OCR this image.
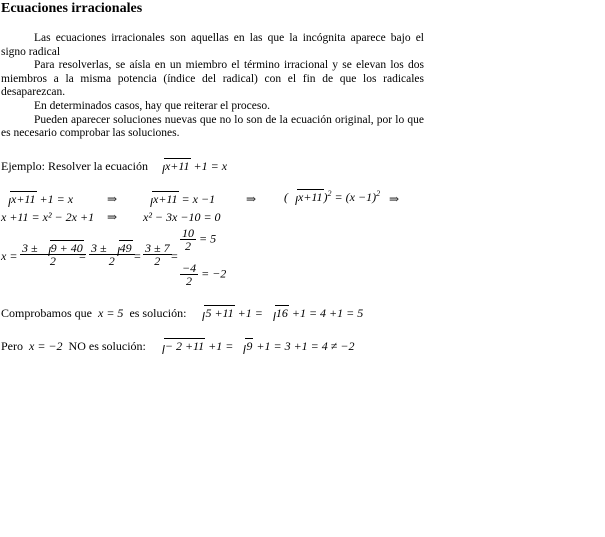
Ecuaciones irracionales

Las ecuaciones irracionales son aquellas en las que la incógnita aparece bajo el signo radical

Para resolverlas, se aísla en un miembro el término irracional y se elevan los dos miembros a la misma potencia (índice del radical) con el fin de que los radicales desaparezcan.

En determinados casos, hay que reiterar el proceso.

Pueden aparecer soluciones nuevas que no lo son de la ecuación original, por lo que es necesario comprobar las soluciones.

Ejemplo: Resolver la ecuación x+11 +1 = x
x+11 +1 = x	⇒	x+11 = x −1	⇒ ( $x+11)^2 = (x -1)^2$ ⇒
x +11 = x² − 2x +1 ⇒ x² − 3x −10 = 0
$x = \frac{3 \pm 9 + 40}{2}$
= $\frac{3 \pm 49}{2} = \frac{3 \pm 7}{2}$ =
$\frac{10}{2} = 5$
$\frac{-4}{2} = -2$
Comprobamos que x = 5 es solución: 5 +11 +1 = 16 +1 = 4 +1 = 5
Pero x = −2 NO es solución: − 2 +11 +1 = 9 +1 = 3 +1 = 4 ≠ −2
